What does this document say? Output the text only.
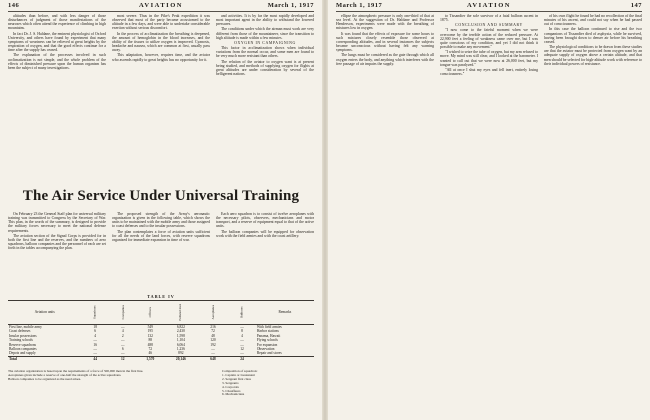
146	AVIATION	March 1, 1917

altitudes than before, and with less danger of those disturbances of judgment of those manifestations of the neuroses which often attend the experience of climbing in high mountains.

In fact Dr. J. S. Haldane, the eminent physiologist of Oxford University, and others have found by experiment that many symptoms of weariness can be relieved at great heights by the respiration of oxygen, and that the good effects continue for a time after the supply has ceased.

The explanation of the processes involved in such acclimatization is not simple, and the whole problem of the effects of diminished pressure upon the human organism has been the subject of many investigations.

most severe. Thus in the Pike's Peak expedition it was observed that most of the party became accustomed to the altitude in a few days, and were able to undertake considerable exertion without serious discomfort.

In the process of acclimatization the breathing is deepened, the amount of hemoglobin in the blood increases, and the ability of the tissues to utilize oxygen is improved. Cyanosis, headache and nausea, which are common at first, usually pass away.

This adaptation, however, requires time, and the aviator who ascends rapidly to great heights has no opportunity for it.

and activities. It is by far the most rapidly developed and most important agent in the ability to withstand the lowered pressures.

The conditions under which the airman must work are very different from those of the mountaineer, since the transition to high altitude is made within a few minutes.

OXYGEN IN CAMPAIGNING

This factor in acclimatization shows when individual variations from the normal occur, and some men are found to be very much more resistant than others.

The relation of the aviator to oxygen want is at present being studied, and methods of supplying oxygen for flights at great altitudes are under consideration by several of the belligerent nations.

The Air Service Under Universal Training

On February 23 the General Staff plan for universal military training was transmitted to Congress by the Secretary of War. This plan, in the words of the summary, is designed to provide the military forces necessary to meet the national defense requirements.

The aviation section of the Signal Corps is provided for in both the first line and the reserves, and the numbers of aero squadrons, balloon companies and the personnel of each are set forth in the tables accompanying the plan.

The proposed strength of the Army's aeronautic organization is given in the following table, which shows the units to be maintained with the mobile army and those assigned to coast defenses and to the insular possessions.

The plan contemplates a force of aviation units sufficient for all the needs of the land forces, with reserve squadrons organized for immediate expansion in time of war.

Each aero squadron is to consist of twelve aeroplanes with the necessary pilots, observers, mechanicians and motor transport, and a reserve of equipment equal to that of the active units.

The balloon companies will be equipped for observation work with the field armies and with the coast artillery.

TABLE IV
Aviation units	Squadrons	Companies	Officers	Enlisted men	Aeroplanes	Balloons	Remarks
First line, mobile army	18	—	549	6,822	216	—	With field armies
Coast defenses	6	4	195	2,430	72	8	Harbor stations
Insular possessions	4	2	132	1,598	48	4	Panama, Hawaii
Training schools	—	—	88	1,104	120	—	Flying schools
Reserve squadrons	16	—	488	6,064	192	—	For expansion
Balloon companies	—	6	72	1,236	—	12	Observation
Depots and supply	—	—	46	892	—	—	Repair and stores
Total	44	12	1,570	20,146	648	24	
The aviation organization is based upon the requirements of a force of 500,000 men in the first line.
Aeroplanes given include a reserve of one-half the strength of the active squadrons.
Balloon companies to be organized as the need arises.
Composition of squadron:
1. Captain or Lieutenant
2. Sergeant first class
3. Sergeants
4. Corporals
5. Chauffeurs
6. Mechanicians
March 1, 1917	AVIATION	147

ellipse the atmospheric pressure is only one-third of that at sea level. At the suggestion of Dr. Haldane and Professor Henderson, experiments were made with the breathing of mixtures low in oxygen.

It was found that the effects of exposure for some hours to such mixtures closely resemble those observed at corresponding altitudes, and in several instances the subjects became unconscious without having felt any warning symptoms.

The lungs must be considered as the gate through which all oxygen enters the body, and anything which interferes with the free passage of air impairs the supply.

to Tissandier the sole survivor of a fatal balloon ascent in 1875.

CONCLUSION AND SUMMARY

"I now come to the fateful moment when we were overcome by the terrible action of the reduced pressure. At 22,900 feet a feeling of weakness came over me, but I was quite conscious of my condition, and yet I did not think it possible to make any movement."

"I wished to seize the tube of oxygen, but my arm refused to move. My mind was still clear, and I looked at the barometer. I wanted to call out that we were now at 26,000 feet, but my tongue was paralyzed."

"All at once I shut my eyes and fell inert, entirely losing consciousness."

of his own flight he found he had no recollection of the final minutes of his ascent, and could not say when he had passed out of consciousness.

In this case the balloon continued to rise and the two companions of Tissandier died of asphyxia, while he survived, having been brought down to denser air before his breathing ceased.

The physiological conditions to be drawn from these studies are that the aviator must be protected from oxygen want by an adequate supply of oxygen above a certain altitude, and that men should be selected for high-altitude work with reference to their individual powers of resistance.
